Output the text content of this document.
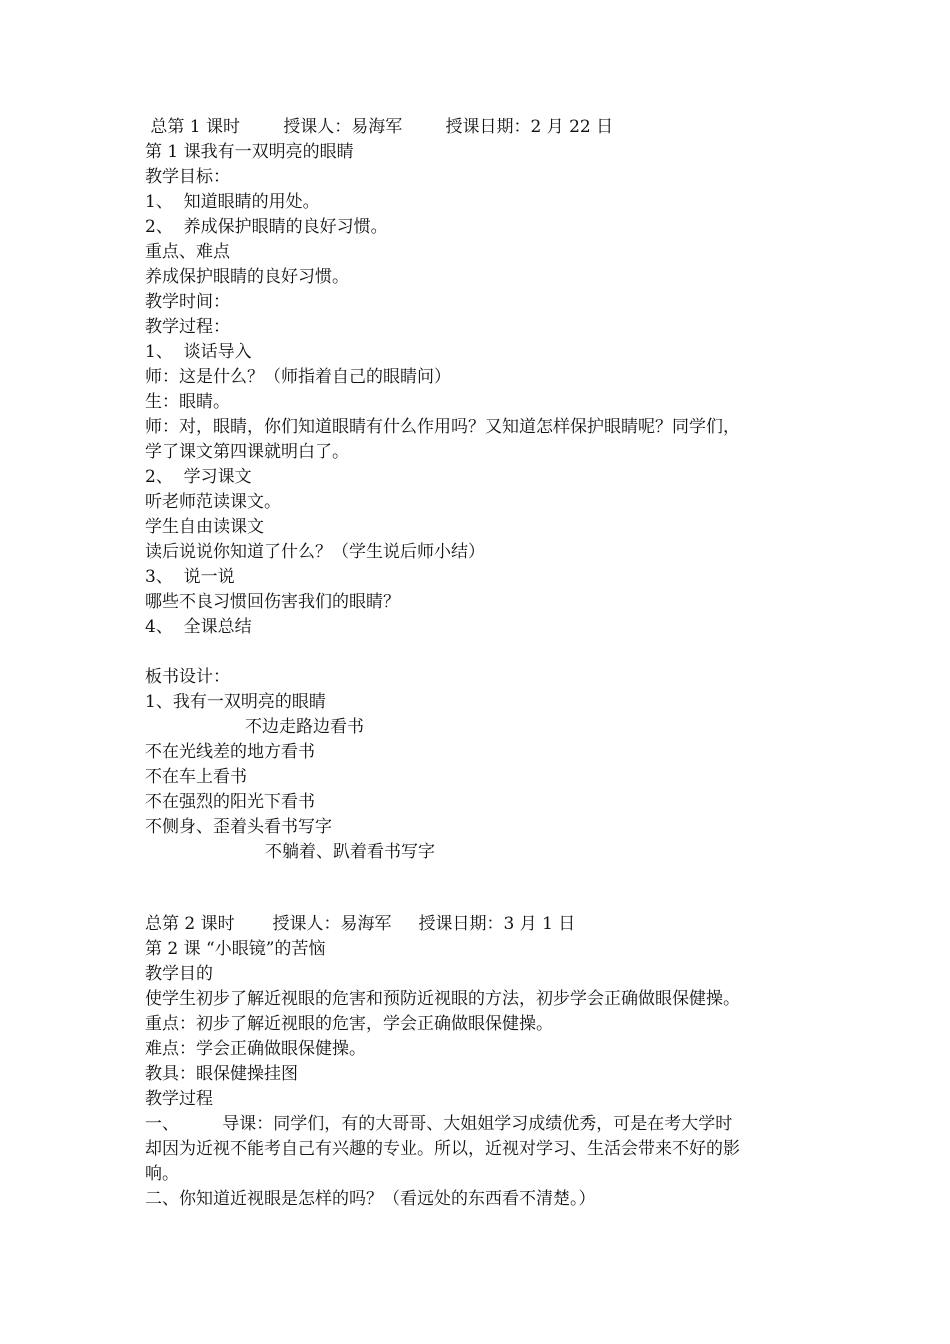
总第 1 课时        授课人：易海军        授课日期：2 月 22 日
第 1 课我有一双明亮的眼睛
教学目标：
1、  知道眼睛的用处。
2、  养成保护眼睛的良好习惯。
重点、难点
养成保护眼睛的良好习惯。
教学时间：
教学过程：
1、  谈话导入
师：这是什么？（师指着自己的眼睛问）
生：眼睛。
师：对，眼睛，你们知道眼睛有什么作用吗？又知道怎样保护眼睛呢？同学们，
学了课文第四课就明白了。
2、  学习课文
听老师范读课文。
学生自由读课文
读后说说你知道了什么？（学生说后师小结）
3、  说一说
哪些不良习惯回伤害我们的眼睛？
4、  全课总结
板书设计：
1、我有一双明亮的眼睛
不边走路边看书
不在光线差的地方看书
不在车上看书
不在强烈的阳光下看书
不侧身、歪着头看书写字
不躺着、趴着看书写字
总第 2 课时       授课人：易海军     授课日期：3 月 1 日
第 2 课 “小眼镜”的苦恼
教学目的
使学生初步了解近视眼的危害和预防近视眼的方法，初步学会正确做眼保健操。
重点：初步了解近视眼的危害，学会正确做眼保健操。
难点：学会正确做眼保健操。
教具：眼保健操挂图
教学过程
一、        导课：同学们，有的大哥哥、大姐姐学习成绩优秀，可是在考大学时
却因为近视不能考自己有兴趣的专业。所以，近视对学习、生活会带来不好的影
响。
二、你知道近视眼是怎样的吗？（看远处的东西看不清楚。）
